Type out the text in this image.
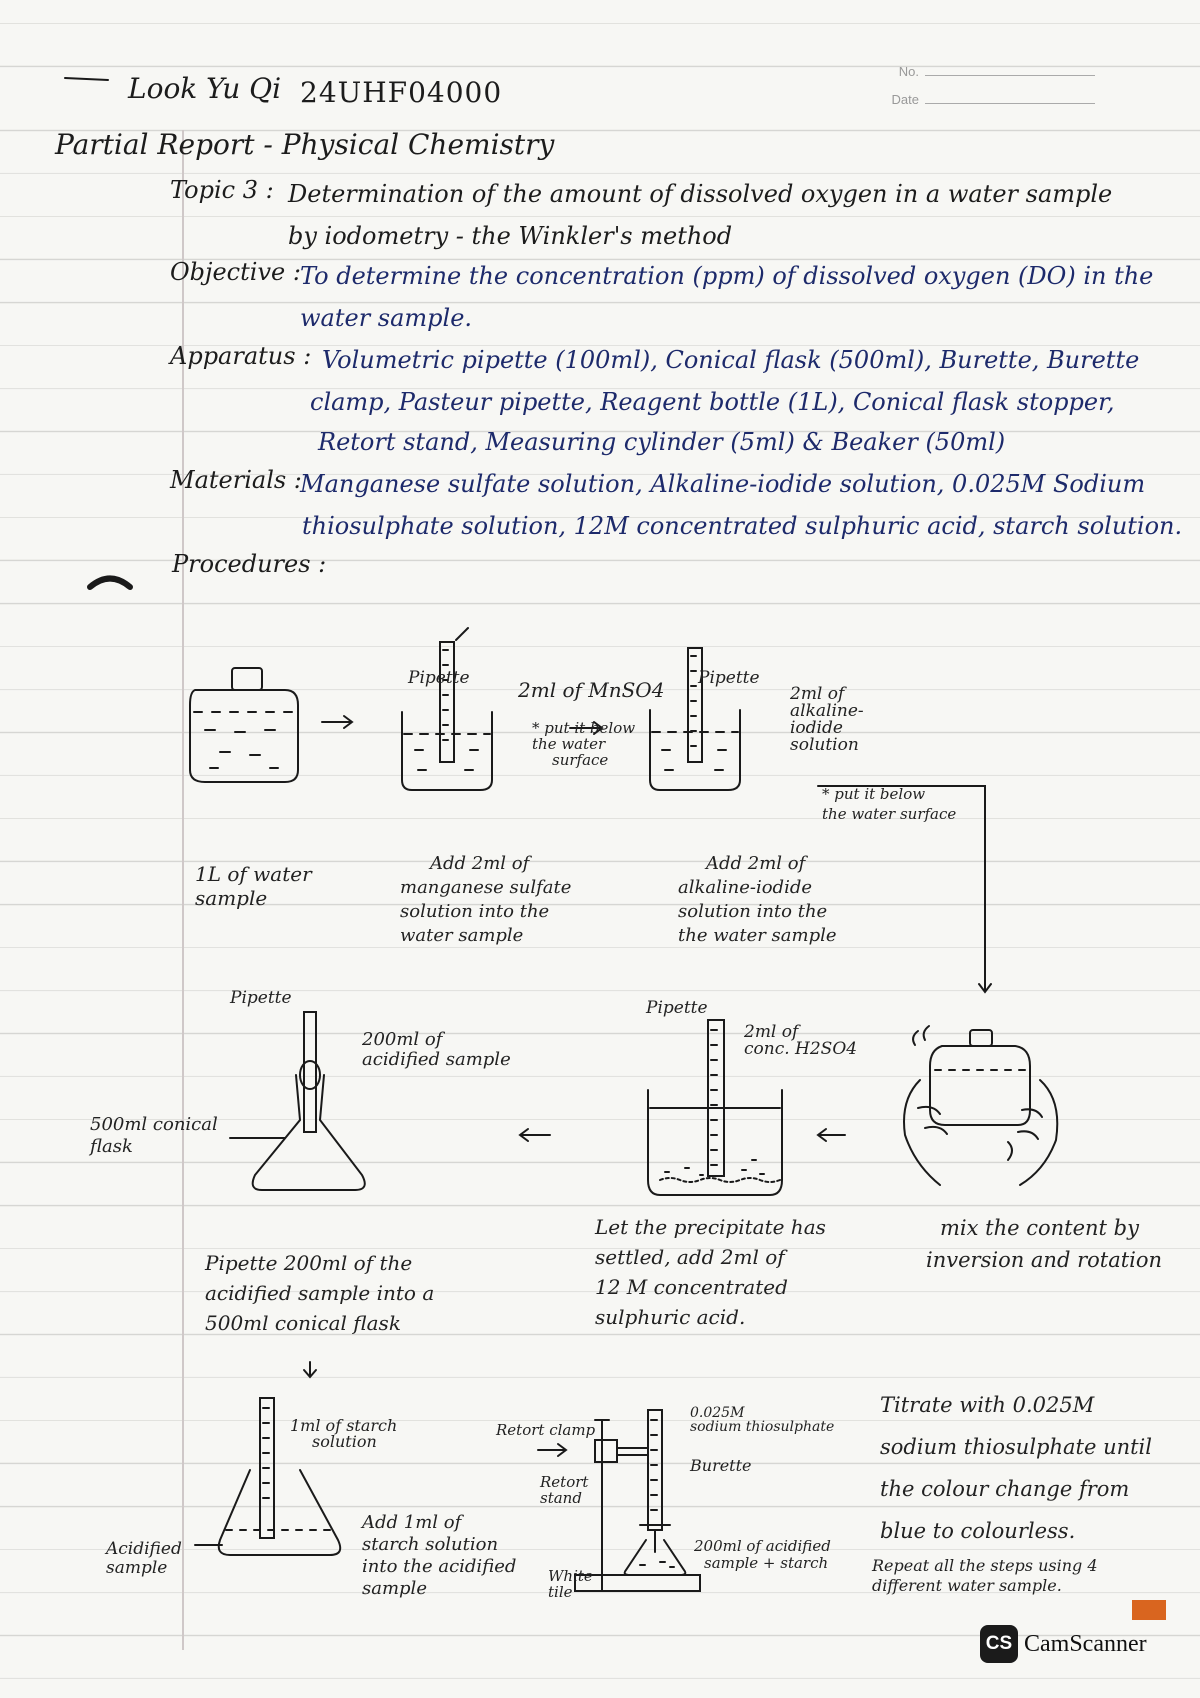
No.
Date
Look Yu Qi 24UHF04000
Partial Report - Physical Chemistry
Topic 3 : Determination of the amount of dissolved oxygen in a water sample
by iodometry - the Winkler's method
Objective : To determine the concentration (ppm) of dissolved oxygen (DO) in the
water sample.
Apparatus : Volumetric pipette (100ml), Conical flask (500ml), Burette, Burette
clamp, Pasteur pipette, Reagent bottle (1L), Conical flask stopper,
Retort stand, Measuring cylinder (5ml) & Beaker (50ml)
Materials :
Manganese sulfate solution, Alkaline-iodide solution, 0.025M Sodium
thiosulphate solution, 12M concentrated sulphuric acid, starch solution.
Procedures :
1L of water
sample
Pipette 2ml of MnSO4
* put it below
the water
surface
Add 2ml of
manganese sulfate
solution into the
water sample
Pipette
2ml of
alkaline-
iodide
solution
* put it below
the water surface
Add 2ml of
alkaline-iodide
solution into the
the water sample
mix the content by
inversion and rotation
Pipette
2ml of
conc. H2SO4
Let the precipitate has
settled, add 2ml of
12 M concentrated
sulphuric acid.
Pipette
200ml of
acidified sample
500ml conical
flask
Pipette 200ml of the
acidified sample into a
500ml conical flask
1ml of starch
solution
Acidified
sample
Add 1ml of
starch solution
into the acidified
sample
Retort clamp
Retort
stand
White
tile
0.025M
sodium thiosulphate
Burette
200ml of acidified
sample + starch
Titrate with 0.025M
sodium thiosulphate until
the colour change from
blue to colourless.
Repeat all the steps using 4
different water sample.
CS CamScanner
